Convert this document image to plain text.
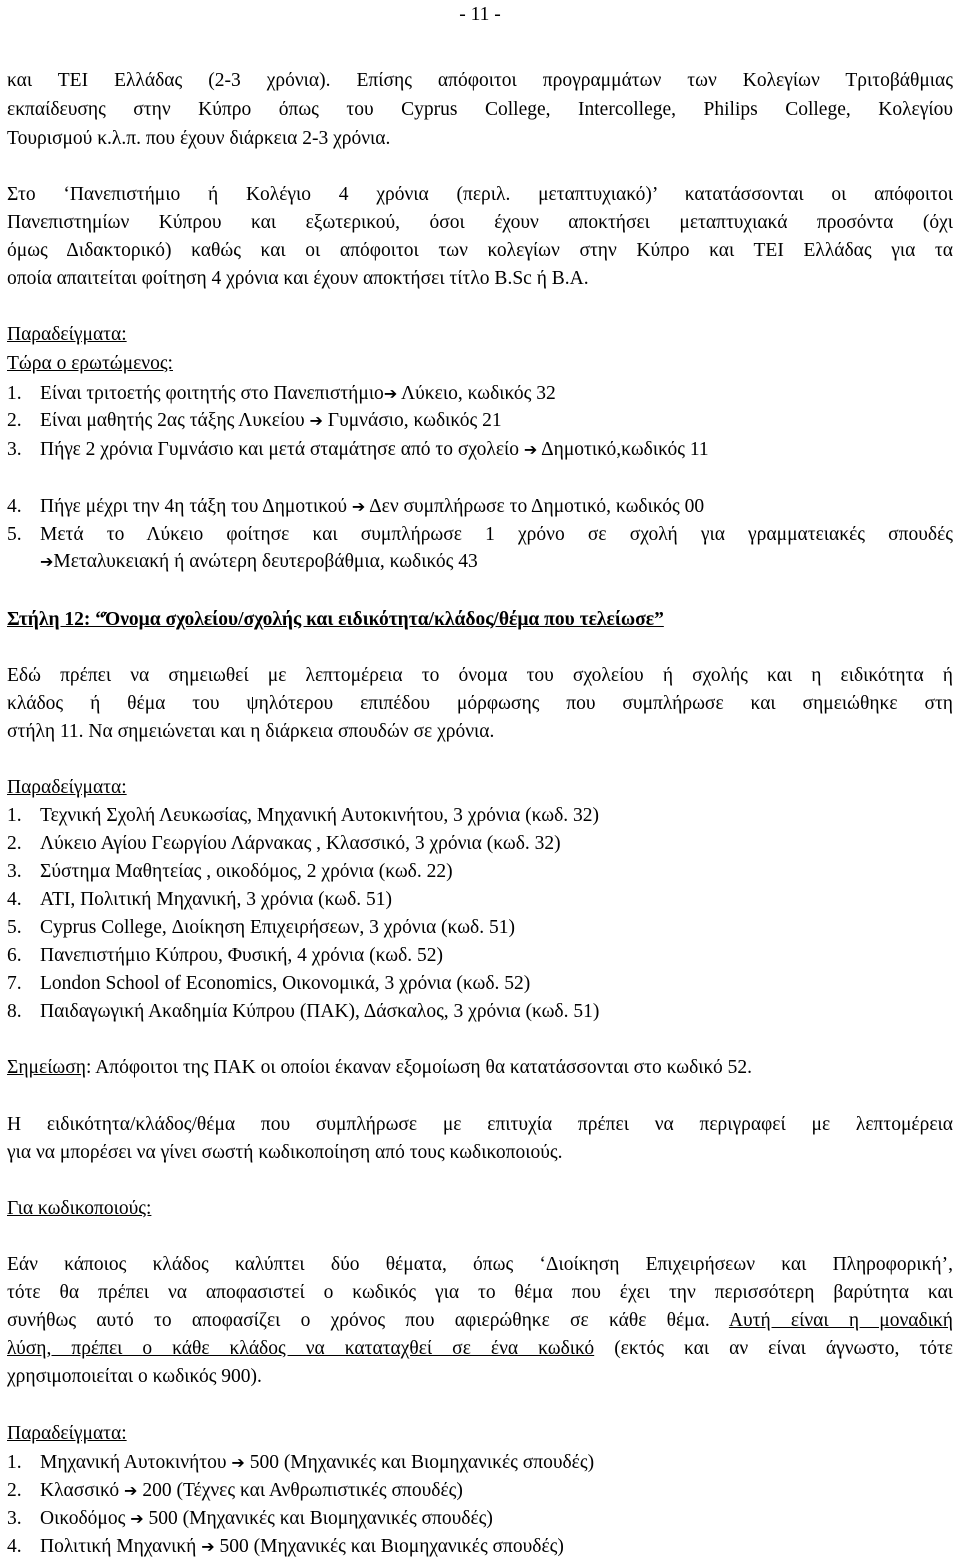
- 11 -
και ΤΕΙ Ελλάδας (2-3 χρόνια). Επίσης απόφοιτοι προγραμμάτων των Κολεγίων Τριτοβάθμιας
εκπαίδευσης στην Κύπρο όπως του Cyprus College, Intercollege, Philips College, Κολεγίου
Τουρισμού κ.λ.π. που έχουν διάρκεια 2-3 χρόνια.
Στο ‘Πανεπιστήμιο ή Κολέγιο 4 χρόνια (περιλ. μεταπτυχιακό)’ κατατάσσονται οι απόφοιτοι
Πανεπιστημίων Κύπρου και εξωτερικού, όσοι έχουν αποκτήσει μεταπτυχιακά προσόντα (όχι
όμως Διδακτορικό) καθώς και οι απόφοιτοι των κολεγίων στην Κύπρο και ΤΕΙ Ελλάδας για τα
οποία απαιτείται φοίτηση 4 χρόνια και έχουν αποκτήσει τίτλο B.Sc ή B.A.
Παραδείγματα:
Τώρα ο ερωτώμενος:
1. Είναι τριτοετής φοιτητής στο Πανεπιστήμιο➔ Λύκειο, κωδικός 32
2. Είναι μαθητής 2ας τάξης Λυκείου ➔ Γυμνάσιο, κωδικός 21
3. Πήγε 2 χρόνια Γυμνάσιο και μετά σταμάτησε από το σχολείο ➔ Δημοτικό,κωδικός 11
4. Πήγε μέχρι την 4η τάξη του Δημοτικού ➔ Δεν συμπλήρωσε το Δημοτικό, κωδικός 00
5. Μετά το Λύκειο φοίτησε και συμπλήρωσε 1 χρόνο σε σχολή για γραμματειακές σπουδές
➔Μεταλυκειακή ή ανώτερη δευτεροβάθμια, κωδικός 43
Στήλη 12: “Όνομα σχολείου/σχολής και ειδικότητα/κλάδος/θέμα που τελείωσε”
Εδώ πρέπει να σημειωθεί με λεπτομέρεια το όνομα του σχολείου ή σχολής και η ειδικότητα ή
κλάδος ή θέμα του ψηλότερου επιπέδου μόρφωσης που συμπλήρωσε και σημειώθηκε στη
στήλη 11. Να σημειώνεται και η διάρκεια σπουδών σε χρόνια.
Παραδείγματα:
1. Τεχνική Σχολή Λευκωσίας, Μηχανική Αυτοκινήτου, 3 χρόνια (κωδ. 32)
2. Λύκειο Αγίου Γεωργίου Λάρνακας , Κλασσικό, 3 χρόνια (κωδ. 32)
3. Σύστημα Μαθητείας , οικοδόμος, 2 χρόνια (κωδ. 22)
4. ΑΤΙ, Πολιτική Μηχανική, 3 χρόνια (κωδ. 51)
5. Cyprus College, Διοίκηση Επιχειρήσεων, 3 χρόνια (κωδ. 51)
6. Πανεπιστήμιο Κύπρου, Φυσική, 4 χρόνια (κωδ. 52)
7. London School of Economics, Οικονομικά, 3 χρόνια (κωδ. 52)
8. Παιδαγωγική Ακαδημία Κύπρου (ΠΑΚ), Δάσκαλος, 3 χρόνια (κωδ. 51)
Σημείωση: Απόφοιτοι της ΠΑΚ οι οποίοι έκαναν εξομοίωση θα κατατάσσονται στο κωδικό 52.
Η ειδικότητα/κλάδος/θέμα που συμπλήρωσε με επιτυχία πρέπει να περιγραφεί με λεπτομέρεια
για να μπορέσει να γίνει σωστή κωδικοποίηση από τους κωδικοποιούς.
Για κωδικοποιούς:
Εάν κάποιος κλάδος καλύπτει δύο θέματα, όπως ‘Διοίκηση Επιχειρήσεων και Πληροφορική’,
τότε θα πρέπει να αποφασιστεί ο κωδικός για το θέμα που έχει την περισσότερη βαρύτητα και
συνήθως αυτό το αποφασίζει ο χρόνος που αφιερώθηκε σε κάθε θέμα. Αυτή είναι η μοναδική
λύση, πρέπει ο κάθε κλάδος να καταταχθεί σε ένα κωδικό (εκτός και αν είναι άγνωστο, τότε
χρησιμοποιείται ο κωδικός 900).
Παραδείγματα:
1. Μηχανική Αυτοκινήτου ➔ 500 (Μηχανικές και Βιομηχανικές σπουδές)
2. Κλασσικό ➔ 200 (Τέχνες και Ανθρωπιστικές σπουδές)
3. Οικοδόμος ➔ 500 (Μηχανικές και Βιομηχανικές σπουδές)
4. Πολιτική Μηχανική ➔ 500 (Μηχανικές και Βιομηχανικές σπουδές)
